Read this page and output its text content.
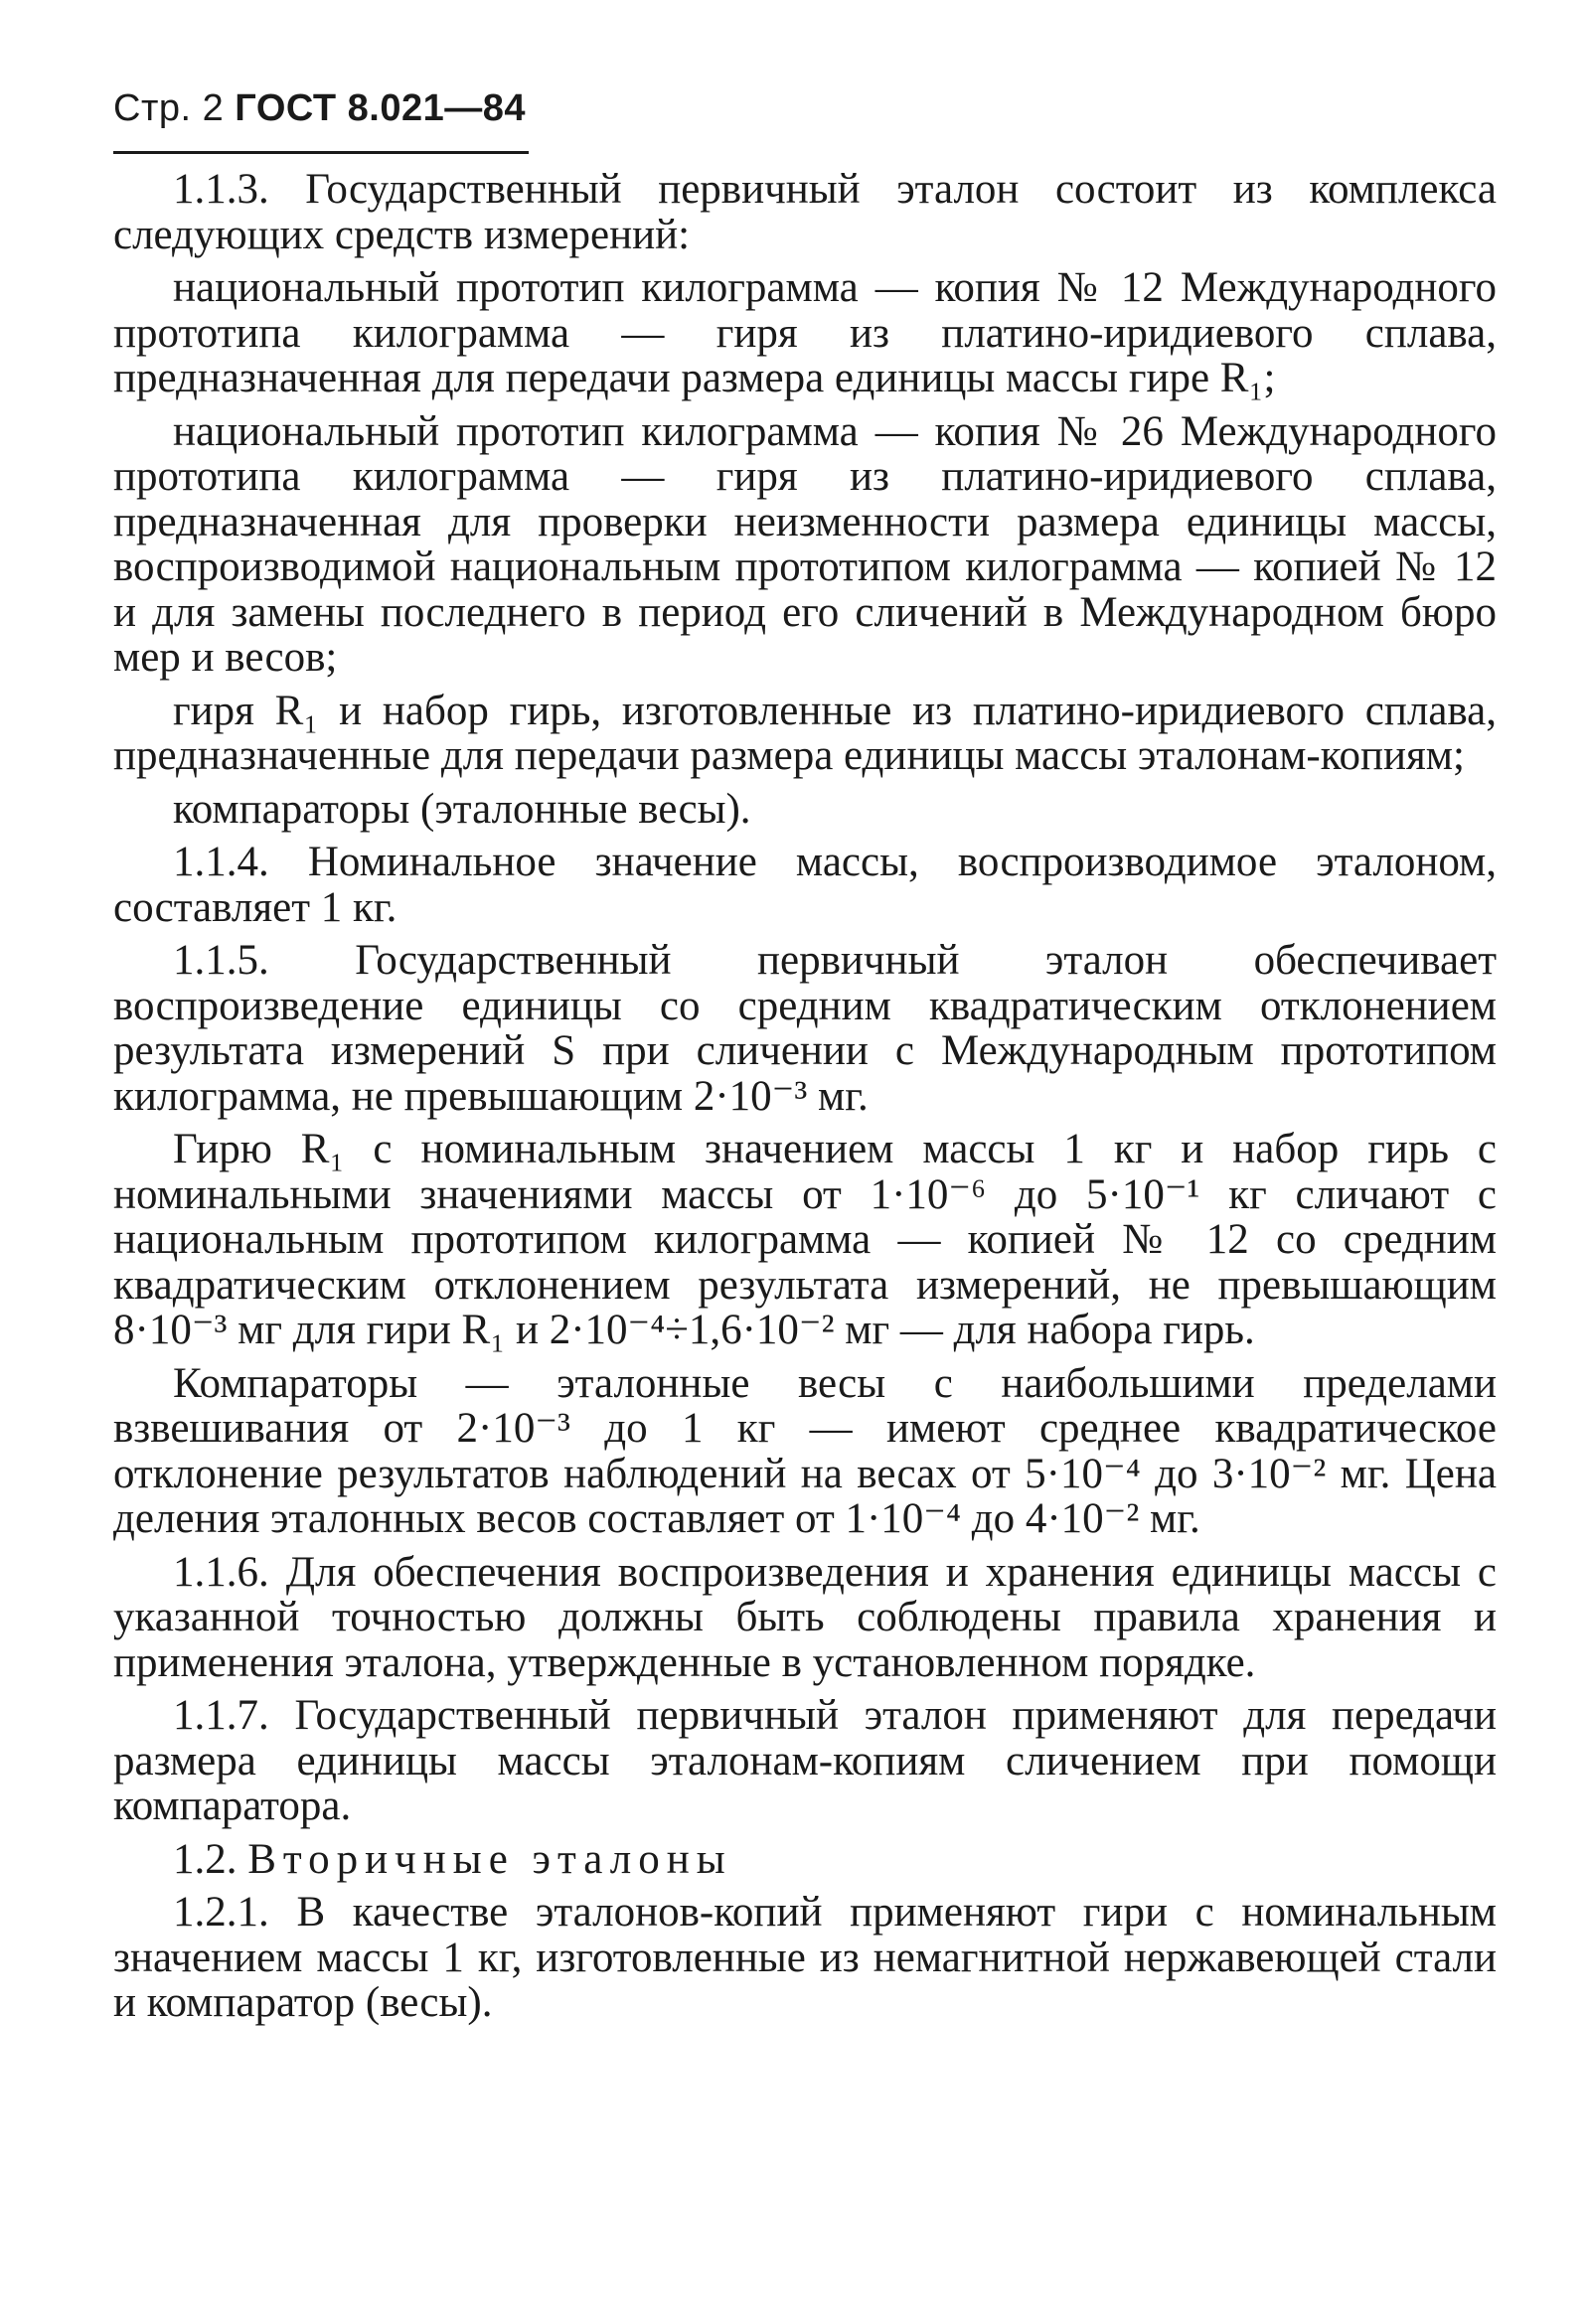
Стр. 2 ГОСТ 8.021—84

1.1.3. Государственный первичный эталон состоит из комплекса следующих средств измерений:

национальный прототип килограмма — копия № 12 Международного прототипа килограмма — гиря из платино-иридиевого сплава, предназначенная для передачи размера единицы массы гире R₁;

национальный прототип килограмма — копия № 26 Международного прототипа килограмма — гиря из платино-иридиевого сплава, предназначенная для проверки неизменности размера единицы массы, воспроизводимой национальным прототипом килограмма — копией № 12 и для замены последнего в период его сличений в Международном бюро мер и весов;

гиря R₁ и набор гирь, изготовленные из платино-иридиевого сплава, предназначенные для передачи размера единицы массы эталонам-копиям;

компараторы (эталонные весы).

1.1.4. Номинальное значение массы, воспроизводимое эталоном, составляет 1 кг.

1.1.5. Государственный первичный эталон обеспечивает воспроизведение единицы со средним квадратическим отклонением результата измерений S при сличении с Международным прототипом килограмма, не превышающим 2·10⁻³ мг.

Гирю R₁ с номинальным значением массы 1 кг и набор гирь с номинальными значениями массы от 1·10⁻⁶ до 5·10⁻¹ кг сличают с национальным прототипом килограмма — копией № 12 со средним квадратическим отклонением результата измерений, не превышающим 8·10⁻³ мг для гири R₁ и 2·10⁻⁴÷1,6·10⁻² мг — для набора гирь.

Компараторы — эталонные весы с наибольшими пределами взвешивания от 2·10⁻³ до 1 кг — имеют среднее квадратическое отклонение результатов наблюдений на весах от 5·10⁻⁴ до 3·10⁻² мг. Цена деления эталонных весов составляет от 1·10⁻⁴ до 4·10⁻² мг.

1.1.6. Для обеспечения воспроизведения и хранения единицы массы с указанной точностью должны быть соблюдены правила хранения и применения эталона, утвержденные в установленном порядке.

1.1.7. Государственный первичный эталон применяют для передачи размера единицы массы эталонам-копиям сличением при помощи компаратора.

1.2. Вторичные эталоны

1.2.1. В качестве эталонов-копий применяют гири с номинальным значением массы 1 кг, изготовленные из немагнитной нержавеющей стали и компаратор (весы).
